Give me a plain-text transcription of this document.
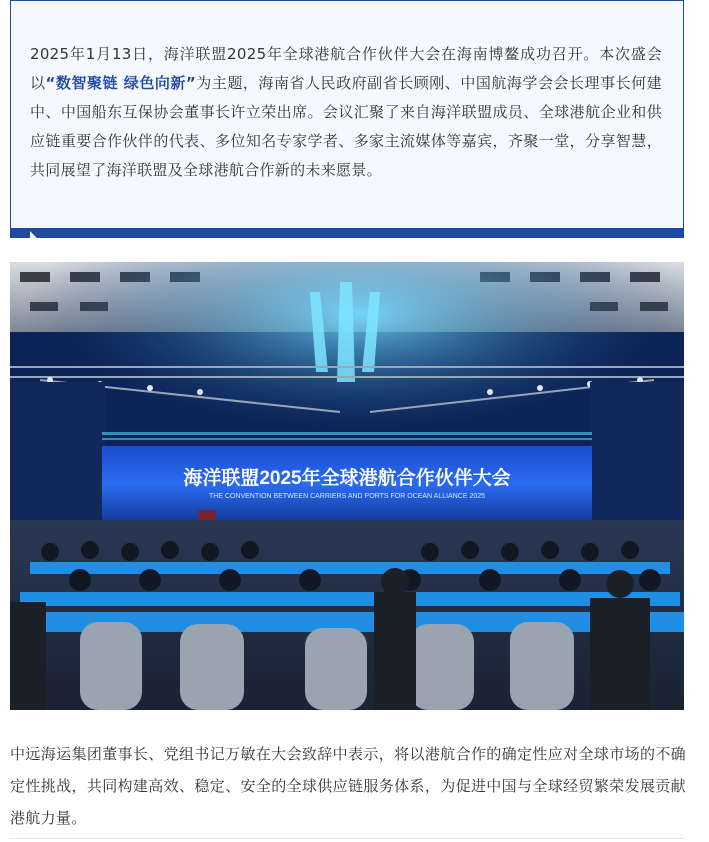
2025年1月13日，海洋联盟2025年全球港航合作伙伴大会在海南博鳌成功召开。本次盛会以“数智聚链 绿色向新”为主题，海南省人民政府副省长顾刚、中国航海学会会长理事长何建中、中国船东互保协会董事长许立荣出席。会议汇聚了来自海洋联盟成员、全球港航企业和供应链重要合作伙伴的代表、多位知名专家学者、多家主流媒体等嘉宾，齐聚一堂，分享智慧，共同展望了海洋联盟及全球港航合作新的未来愿景。
海洋联盟2025年全球港航合作伙伴大会
THE CONVENTION BETWEEN CARRIERS AND PORTS FOR OCEAN ALLIANCE 2025
中远海运集团董事长、党组书记万敏在大会致辞中表示，将以港航合作的确定性应对全球市场的不确定性挑战，共同构建高效、稳定、安全的全球供应链服务体系，为促进中国与全球经贸繁荣发展贡献港航力量。
